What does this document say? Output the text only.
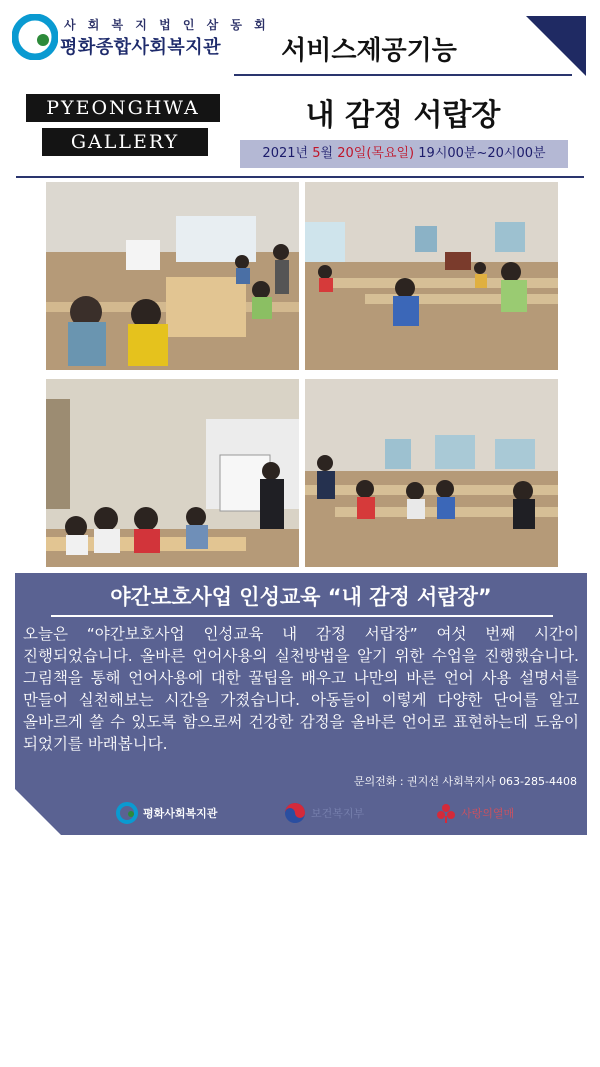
사 회 복 지 법 인 삼 동 회
평화종합사회복지관
PYEONGHWA
GALLERY
서비스제공기능
내 감정 서랍장
2021년 5월 20일(목요일) 19시00분~20시00분
야간보호사업 인성교육 “내 감정 서랍장”
오늘은 “야간보호사업 인성교육 내 감정 서랍장” 여섯 번째 시간이 진행되었습니다. 올바른 언어사용의 실천방법을 알기 위한 수업을 진행했습니다. 그림책을 통해 언어사용에 대한 꿀팁을 배우고 나만의 바른 언어 사용 설명서를 만들어 실천해보는 시간을 가졌습니다. 아동들이 이렇게 다양한 단어를 알고 올바르게 쓸 수 있도록 함으로써 건강한 감정을 올바른 언어로 표현하는데 도움이 되었기를 바래봅니다.
문의전화 : 권지선 사회복지사 063-285-4408
평화사회복지관	보건복지부	사랑의열매
